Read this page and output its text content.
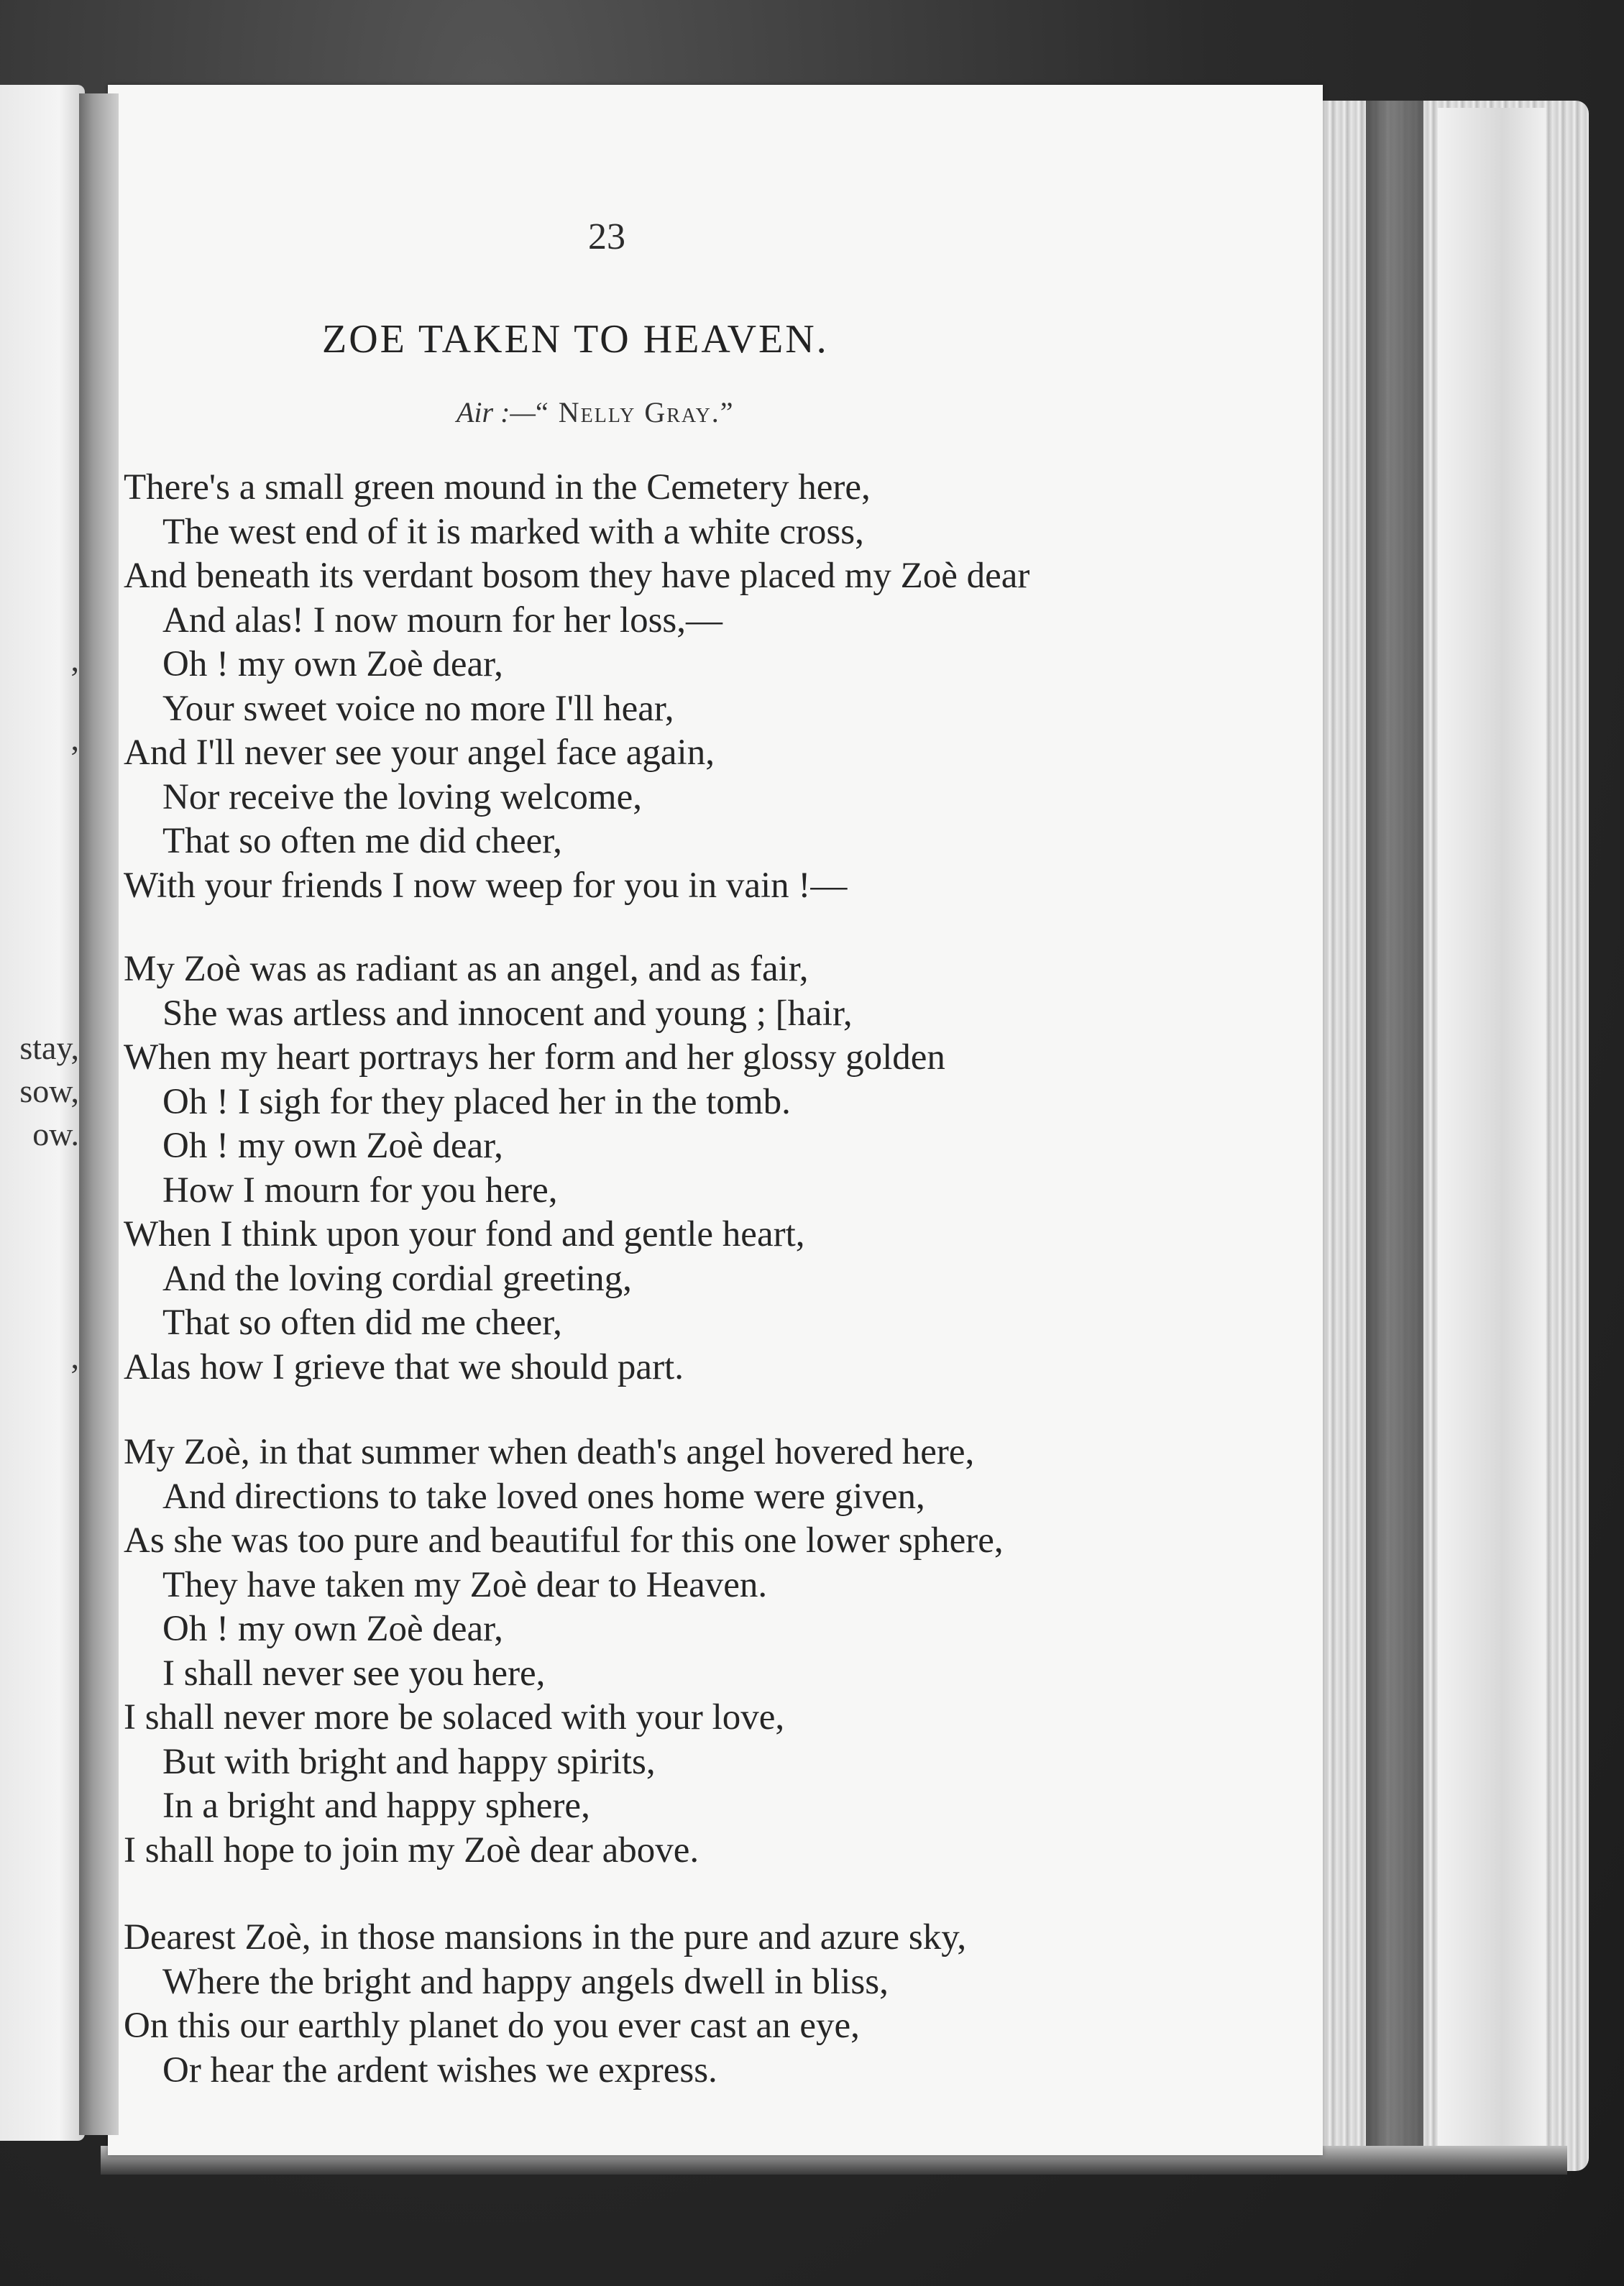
,
,
stay,
sow,
ow.
,
23
ZOE TAKEN TO HEAVEN.
Air :—“ Nelly Gray.”
There's a small green mound in the Cemetery here,
The west end of it is marked with a white cross,
And beneath its verdant bosom they have placed my Zoè dear
And alas! I now mourn for her loss,—
Oh ! my own Zoè dear,
Your sweet voice no more I'll hear,
And I'll never see your angel face again,
Nor receive the loving welcome,
That so often me did cheer,
With your friends I now weep for you in vain !—
My Zoè was as radiant as an angel, and as fair,
She was artless and innocent and young ; [hair,
When my heart portrays her form and her glossy golden
Oh ! I sigh for they placed her in the tomb.
Oh ! my own Zoè dear,
How I mourn for you here,
When I think upon your fond and gentle heart,
And the loving cordial greeting,
That so often did me cheer,
Alas how I grieve that we should part.
My Zoè, in that summer when death's angel hovered here,
And directions to take loved ones home were given,
As she was too pure and beautiful for this one lower sphere,
They have taken my Zoè dear to Heaven.
Oh ! my own Zoè dear,
I shall never see you here,
I shall never more be solaced with your love,
But with bright and happy spirits,
In a bright and happy sphere,
I shall hope to join my Zoè dear above.
Dearest Zoè, in those mansions in the pure and azure sky,
Where the bright and happy angels dwell in bliss,
On this our earthly planet do you ever cast an eye,
Or hear the ardent wishes we express.
